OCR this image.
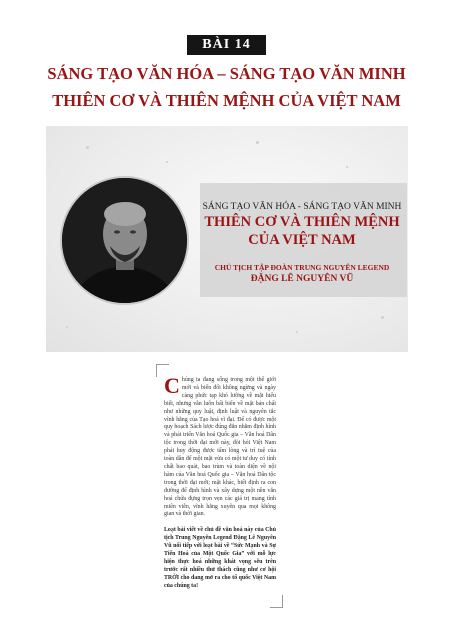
BÀI 14
SÁNG TẠO VĂN HÓA – SÁNG TẠO VĂN MINH
THIÊN CƠ VÀ THIÊN MỆNH CỦA VIỆT NAM
SÁNG TẠO VĂN HÓA - SÁNG TẠO VĂN MINH
THIÊN CƠ VÀ THIÊN MỆNH
CỦA VIỆT NAM
CHỦ TỊCH TẬP ĐOÀN TRUNG NGUYÊN LEGEND
ĐẶNG LÊ NGUYÊN VŨ
Chúng ta đang sống trong một thế giới mới và biến đổi không ngừng và ngày càng phức tạp khó lường về mặt hiểu biết, nhưng vẫn luôn bất biến về mặt bản chất như những quy luật, định luật và nguyên tắc vĩnh hằng của Tạo hoá vĩ đại. Để có được một quy hoạch Sách lược đúng đắn nhằm định hình và phát triển Văn hoá Quốc gia – Văn hoá Dân tộc trong thời đại mới này, đòi hỏi Việt Nam phải huy động được tấm lòng và trí tuệ của toàn dân để một mặt vừa có một tư duy có tính chất bao quát, bao trùm và toàn diện về nội hàm của Văn hoá Quốc gia – Văn hoá Dân tộc trong thời đại mới; mặt khác, biết định ra con đường để định hình và xây dựng một nền văn hoá chứa đựng trọn vẹn các giá trị mang tính miên viễn, vĩnh hằng xuyên qua mọi không gian và thời gian.
Loạt bài viết về chủ đề văn hoá này của Chủ tịch Trung Nguyên Legend Đặng Lê Nguyên Vũ nối tiếp với loạt bài về “Sức Mạnh và Sự Tiến Hoá của Một Quốc Gia” với mỗ lực hiện thực hoá những khát vọng sẽu trên trước rất nhiều thử thách cũng như cơ hội TRỜI cho đang mở ra cho tổ quốc Việt Nam của chúng ta!
